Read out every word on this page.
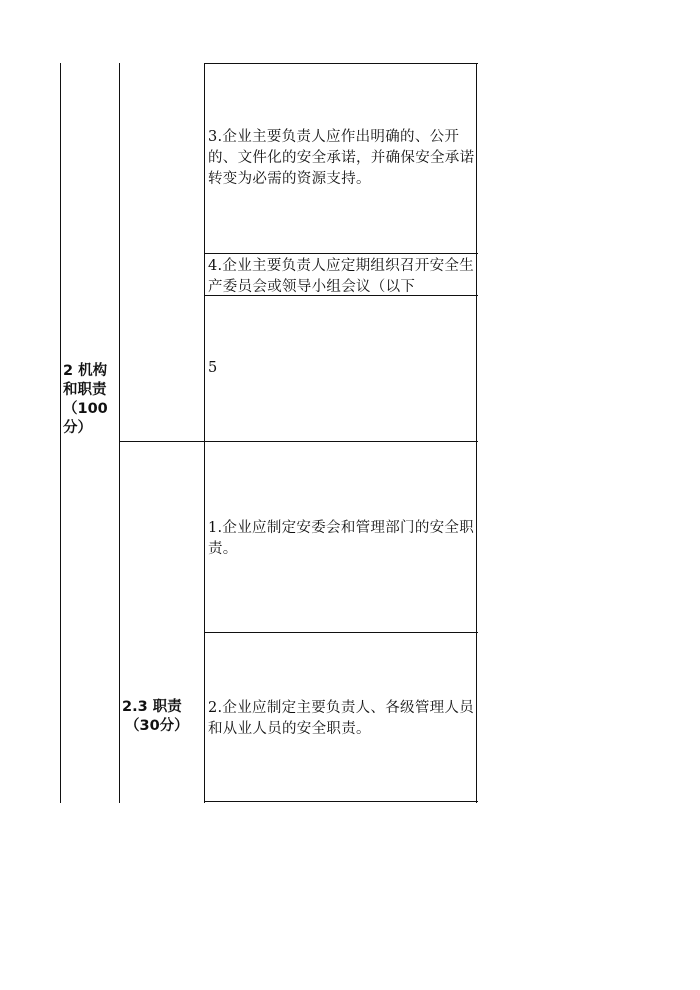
2 机构
和职责
（100
分）
2.3 职责
（30分）
3.企业主要负责人应作出明确的、公开的、文件化的安全承诺，并确保安全承诺转变为必需的资源支持。
4.企业主要负责人应定期组织召开安全生产委员会或领导小组会议（以下
5
1.企业应制定安委会和管理部门的安全职责。
2.企业应制定主要负责人、各级管理人员和从业人员的安全职责。
